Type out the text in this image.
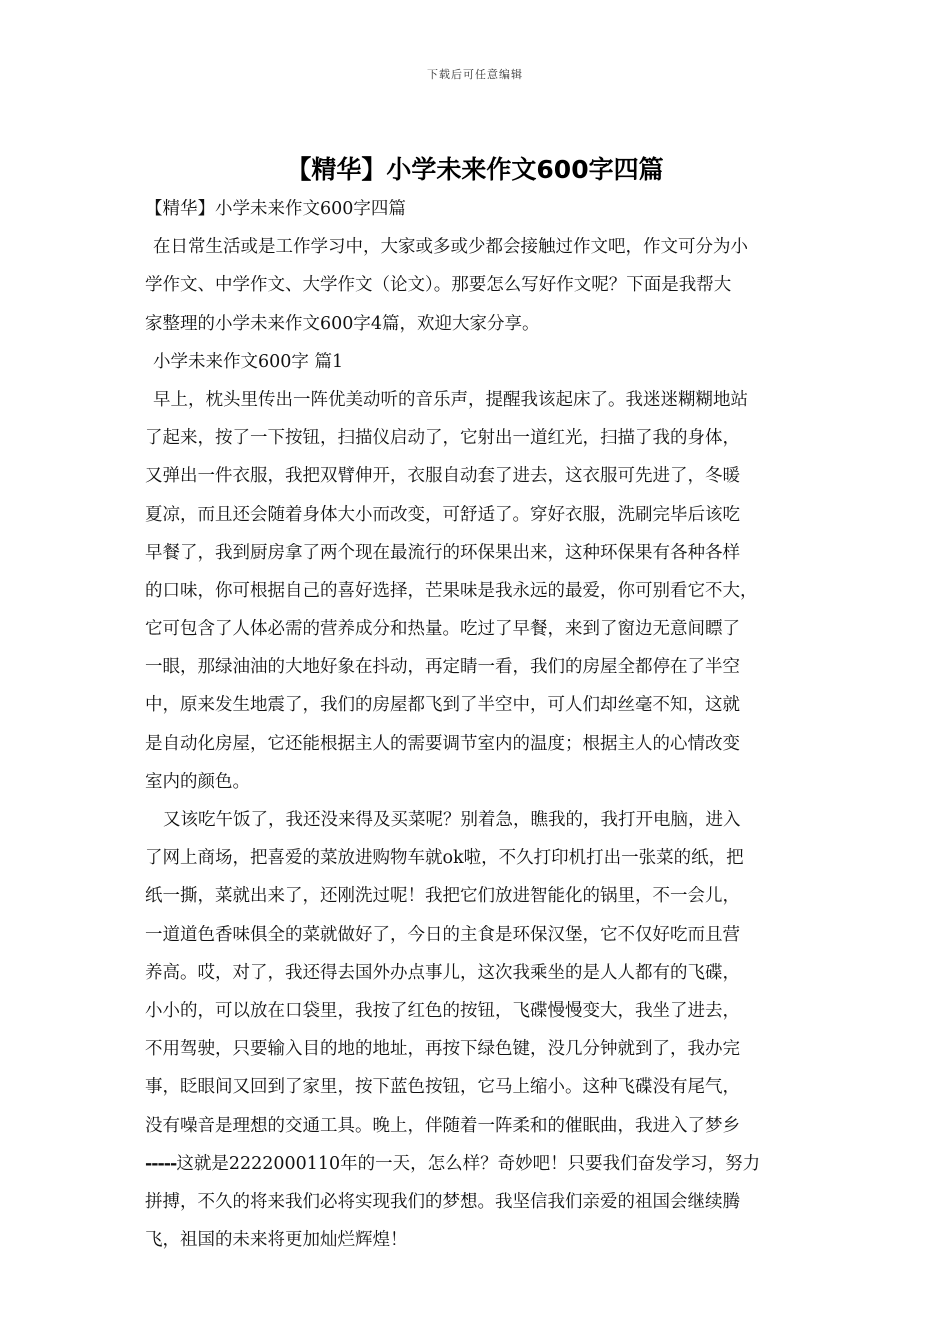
下载后可任意编辑
【精华】小学未来作文600字四篇
【精华】小学未来作文600字四篇
在日常生活或是工作学习中，大家或多或少都会接触过作文吧，作文可分为小
学作文、中学作文、大学作文（论文）。那要怎么写好作文呢？下面是我帮大
家整理的小学未来作文600字4篇，欢迎大家分享。
小学未来作文600字 篇1
早上，枕头里传出一阵优美动听的音乐声，提醒我该起床了。我迷迷糊糊地站
了起来，按了一下按钮，扫描仪启动了，它射出一道红光，扫描了我的身体，
又弹出一件衣服，我把双臂伸开，衣服自动套了进去，这衣服可先进了，冬暖
夏凉，而且还会随着身体大小而改变，可舒适了。穿好衣服，洗刷完毕后该吃
早餐了，我到厨房拿了两个现在最流行的环保果出来，这种环保果有各种各样
的口味，你可根据自己的喜好选择，芒果味是我永远的最爱，你可别看它不大，
它可包含了人体必需的营养成分和热量。吃过了早餐，来到了窗边无意间瞟了
一眼，那绿油油的大地好象在抖动，再定睛一看，我们的房屋全都停在了半空
中，原来发生地震了，我们的房屋都飞到了半空中，可人们却丝毫不知，这就
是自动化房屋，它还能根据主人的需要调节室内的温度；根据主人的心情改变
室内的颜色。
又该吃午饭了，我还没来得及买菜呢？别着急，瞧我的，我打开电脑，进入
了网上商场，把喜爱的菜放进购物车就ok啦，不久打印机打出一张菜的纸，把
纸一撕，菜就出来了，还刚洗过呢！我把它们放进智能化的锅里，不一会儿，
一道道色香味俱全的菜就做好了，今日的主食是环保汉堡，它不仅好吃而且营
养高。哎，对了，我还得去国外办点事儿，这次我乘坐的是人人都有的飞碟，
小小的，可以放在口袋里，我按了红色的按钮，飞碟慢慢变大，我坐了进去，
不用驾驶，只要输入目的地的地址，再按下绿色键，没几分钟就到了，我办完
事，眨眼间又回到了家里，按下蓝色按钮，它马上缩小。这种飞碟没有尾气，
没有噪音是理想的交通工具。晚上，伴随着一阵柔和的催眠曲，我进入了梦乡
-----这就是2222000110年的一天，怎么样？奇妙吧！只要我们奋发学习，努力
拼搏，不久的将来我们必将实现我们的梦想。我坚信我们亲爱的祖国会继续腾
飞，祖国的未来将更加灿烂辉煌！
